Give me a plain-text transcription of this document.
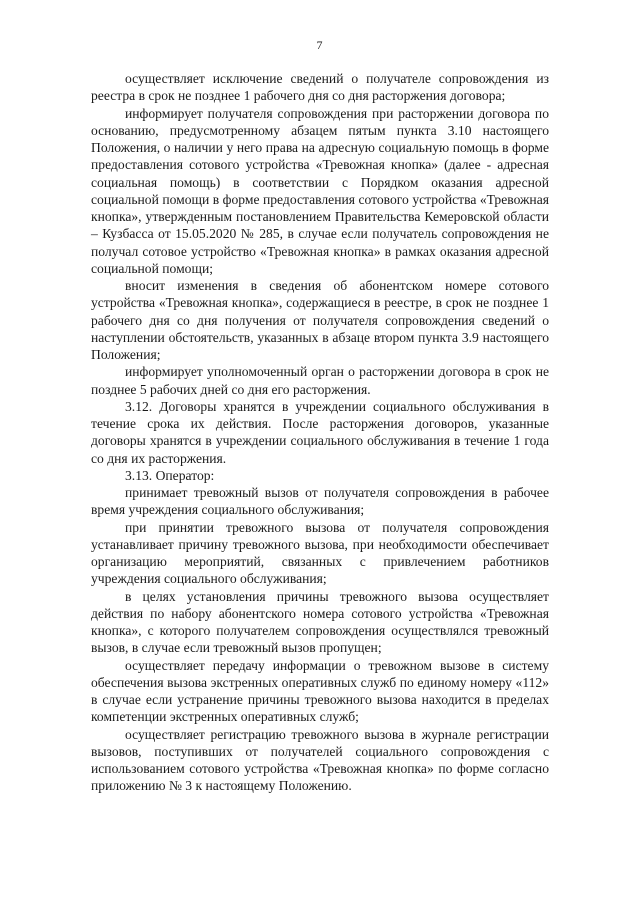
7

осуществляет исключение сведений о получателе сопровождения из реестра в срок не позднее 1 рабочего дня со дня расторжения договора;

информирует получателя сопровождения при расторжении договора по основанию, предусмотренному абзацем пятым пункта 3.10 настоящего Положения, о наличии у него права на адресную социальную помощь в форме предоставления сотового устройства «Тревожная кнопка» (далее - адресная социальная помощь) в соответствии с Порядком оказания адресной социальной помощи в форме предоставления сотового устройства «Тревожная кнопка», утвержденным постановлением Правительства Кемеровской области – Кузбасса от 15.05.2020 № 285, в случае если получатель сопровождения не получал сотовое устройство «Тревожная кнопка» в рамках оказания адресной социальной помощи;

вносит изменения в сведения об абонентском номере сотового устройства «Тревожная кнопка», содержащиеся в реестре, в срок не позднее 1 рабочего дня со дня получения от получателя сопровождения сведений о наступлении обстоятельств, указанных в абзаце втором пункта 3.9 настоящего Положения;

информирует уполномоченный орган о расторжении договора в срок не позднее 5 рабочих дней со дня его расторжения.

3.12. Договоры хранятся в учреждении социального обслуживания в течение срока их действия. После расторжения договоров, указанные договоры хранятся в учреждении социального обслуживания в течение 1 года со дня их расторжения.

3.13. Оператор:

принимает тревожный вызов от получателя сопровождения в рабочее время учреждения социального обслуживания;

при принятии тревожного вызова от получателя сопровождения устанавливает причину тревожного вызова, при необходимости обеспечивает организацию мероприятий, связанных с привлечением работников учреждения социального обслуживания;

в целях установления причины тревожного вызова осуществляет действия по набору абонентского номера сотового устройства «Тревожная кнопка», с которого получателем сопровождения осуществлялся тревожный вызов, в случае если тревожный вызов пропущен;

осуществляет передачу информации о тревожном вызове в систему обеспечения вызова экстренных оперативных служб по единому номеру «112» в случае если устранение причины тревожного вызова находится в пределах компетенции экстренных оперативных служб;

осуществляет регистрацию тревожного вызова в журнале регистрации вызовов, поступивших от получателей социального сопровождения с использованием сотового устройства «Тревожная кнопка» по форме согласно приложению № 3 к настоящему Положению.
